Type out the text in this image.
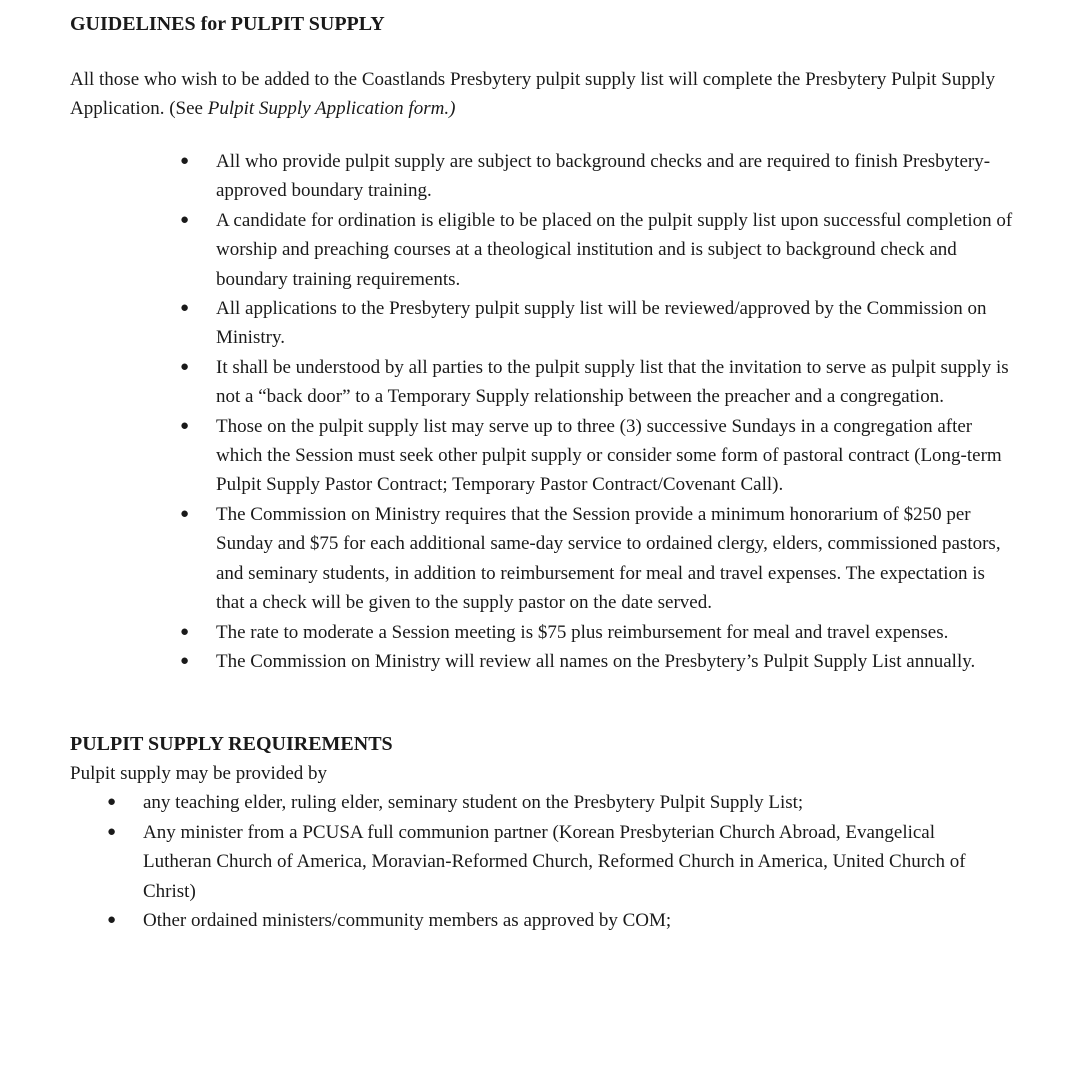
GUIDELINES for PULPIT SUPPLY

All those who wish to be added to the Coastlands Presbytery pulpit supply list will complete the Presbytery Pulpit Supply Application. (See Pulpit Supply Application form.)

● All who provide pulpit supply are subject to background checks and are required to finish Presbytery-approved boundary training.
● A candidate for ordination is eligible to be placed on the pulpit supply list upon successful completion of worship and preaching courses at a theological institution and is subject to background check and boundary training requirements.
● All applications to the Presbytery pulpit supply list will be reviewed/approved by the Commission on Ministry.
● It shall be understood by all parties to the pulpit supply list that the invitation to serve as pulpit supply is not a “back door” to a Temporary Supply relationship between the preacher and a congregation.
● Those on the pulpit supply list may serve up to three (3) successive Sundays in a congregation after which the Session must seek other pulpit supply or consider some form of pastoral contract (Long-term Pulpit Supply Pastor Contract; Temporary Pastor Contract/Covenant Call).
● The Commission on Ministry requires that the Session provide a minimum honorarium of $250 per Sunday and $75 for each additional same-day service to ordained clergy, elders, commissioned pastors, and seminary students, in addition to reimbursement for meal and travel expenses. The expectation is that a check will be given to the supply pastor on the date served.
● The rate to moderate a Session meeting is $75 plus reimbursement for meal and travel expenses.
● The Commission on Ministry will review all names on the Presbytery’s Pulpit Supply List annually.
PULPIT SUPPLY REQUIREMENTS

Pulpit supply may be provided by

● any teaching elder, ruling elder, seminary student on the Presbytery Pulpit Supply List;
● Any minister from a PCUSA full communion partner (Korean Presbyterian Church Abroad, Evangelical Lutheran Church of America, Moravian-Reformed Church, Reformed Church in America, United Church of Christ)
● Other ordained ministers/community members as approved by COM;
